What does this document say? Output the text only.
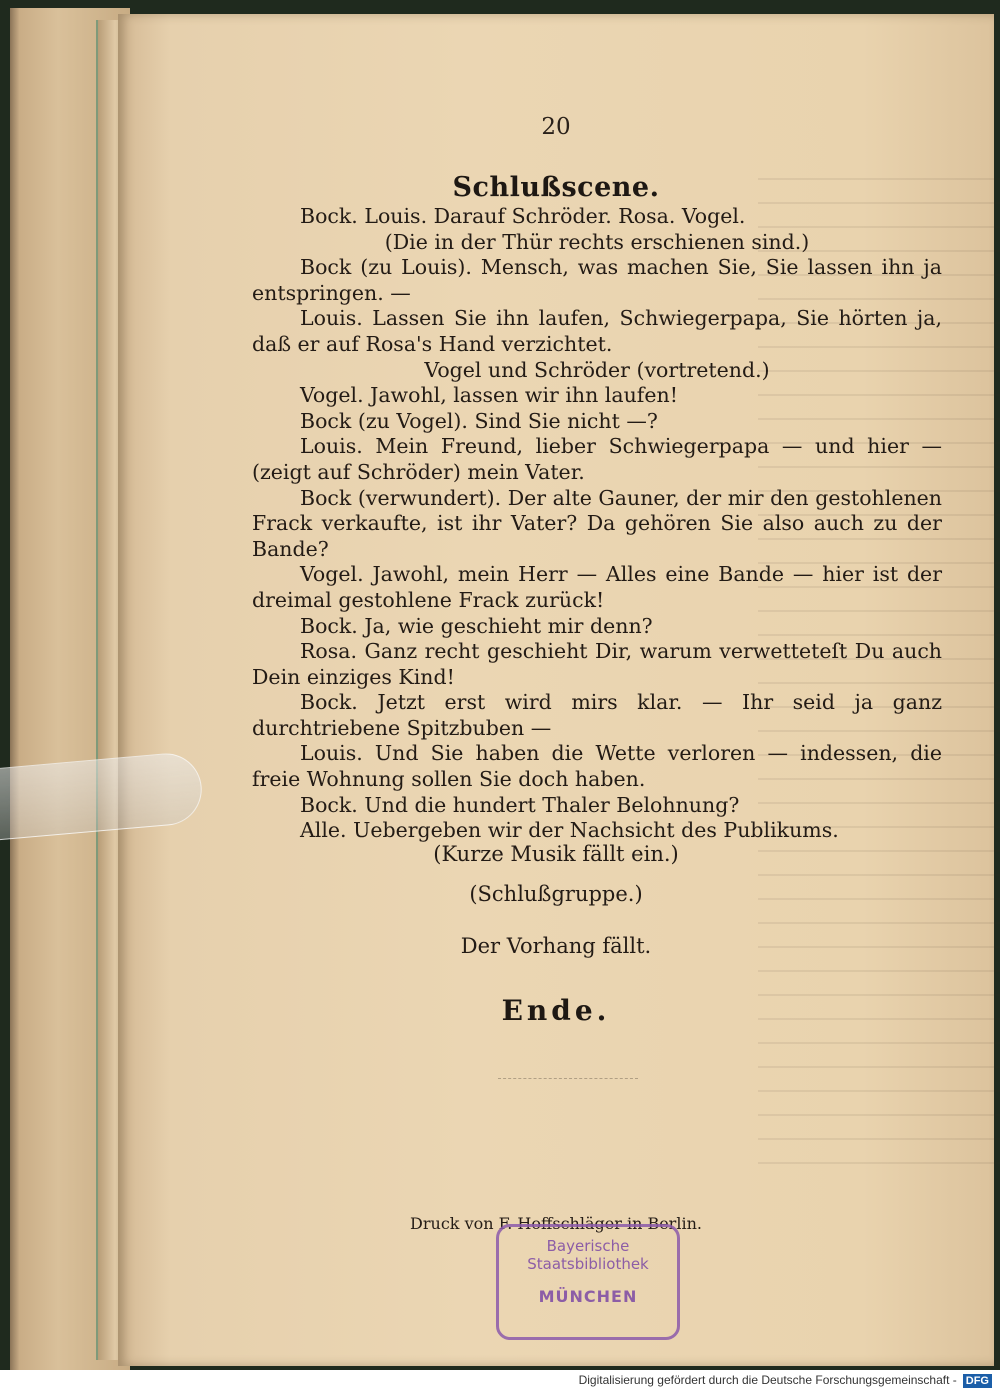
20
Schlußscene.

Bock. Louis. Darauf Schröder. Rosa. Vogel.

(Die in der Thür rechts erschienen sind.)

Bock (zu Louis). Mensch, was machen Sie, Sie lassen ihn ja entspringen. —

Louis. Lassen Sie ihn laufen, Schwiegerpapa, Sie hörten ja, daß er auf Rosa's Hand verzichtet.

Vogel und Schröder (vortretend.)

Vogel. Jawohl, lassen wir ihn laufen!

Bock (zu Vogel). Sind Sie nicht —?

Louis. Mein Freund, lieber Schwiegerpapa — und hier — (zeigt auf Schröder) mein Vater.

Bock (verwundert). Der alte Gauner, der mir den gestohlenen Frack verkaufte, ist ihr Vater? Da gehören Sie also auch zu der Bande?

Vogel. Jawohl, mein Herr — Alles eine Bande — hier ist der dreimal gestohlene Frack zurück!

Bock. Ja, wie geschieht mir denn?

Rosa. Ganz recht geschieht Dir, warum verwetteteſt Du auch Dein einziges Kind!

Bock. Jetzt erst wird mirs klar. — Ihr seid ja ganz durchtriebene Spitzbuben —

Louis. Und Sie haben die Wette verloren — indessen, die freie Wohnung sollen Sie doch haben.

Bock. Und die hundert Thaler Belohnung?

Alle. Uebergeben wir der Nachsicht des Publikums.

(Kurze Musik fällt ein.)
(Schlußgruppe.)
Der Vorhang fällt.
Ende.
Druck von F. Hoffschläger in Berlin.
Bayerische
Staatsbibliothek
MÜNCHEN
Digitalisierung gefördert durch die Deutsche Forschungsgemeinschaft - DFG
